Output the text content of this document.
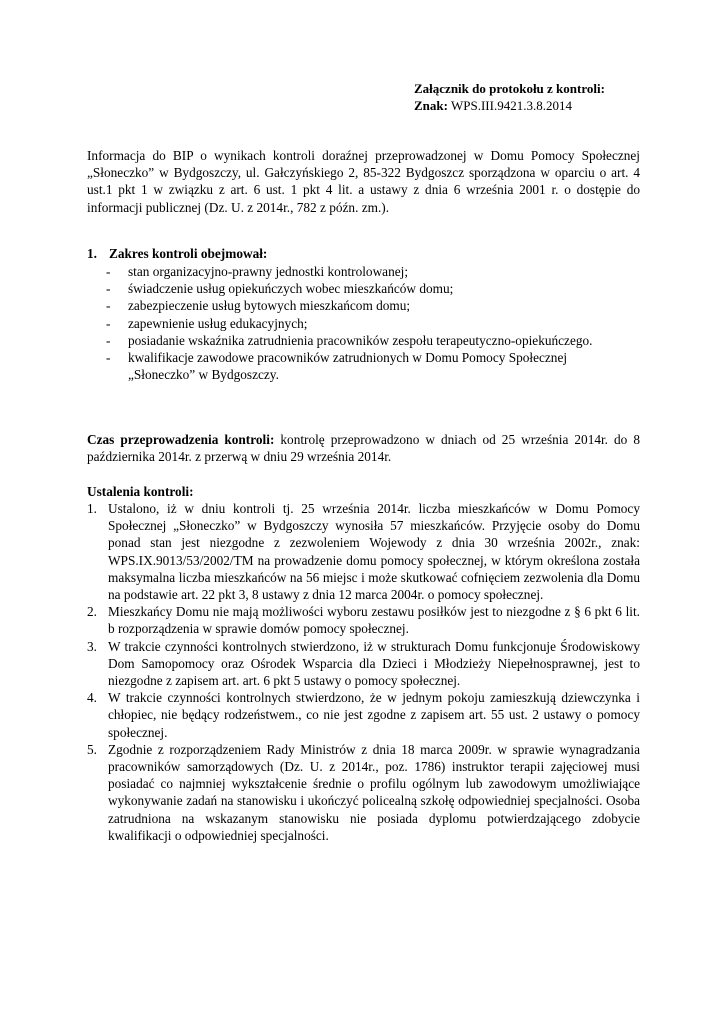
Załącznik do protokołu z kontroli:
Znak: WPS.III.9421.3.8.2014
Informacja do BIP o wynikach kontroli doraźnej przeprowadzonej w Domu Pomocy Społecznej „Słoneczko” w Bydgoszczy, ul. Gałczyńskiego 2, 85-322 Bydgoszcz sporządzona w oparciu o art. 4 ust.1 pkt 1 w związku z art. 6 ust. 1 pkt 4 lit. a ustawy z dnia 6 września 2001 r. o dostępie do informacji publicznej (Dz. U. z 2014r., 782 z późn. zm.).
1. Zakres kontroli obejmował:
- stan organizacyjno-prawny jednostki kontrolowanej;
- świadczenie usług opiekuńczych wobec mieszkańców domu;
- zabezpieczenie usług bytowych mieszkańcom domu;
- zapewnienie usług edukacyjnych;
- posiadanie wskaźnika zatrudnienia pracowników zespołu terapeutyczno-opiekuńczego.
- kwalifikacje zawodowe pracowników zatrudnionych w Domu Pomocy Społecznej „Słoneczko” w Bydgoszczy.
Czas przeprowadzenia kontroli: kontrolę przeprowadzono w dniach od 25 września 2014r. do 8 października 2014r. z przerwą w dniu 29 września 2014r.
Ustalenia kontroli:
1. Ustalono, iż w dniu kontroli tj. 25 września 2014r. liczba mieszkańców w Domu Pomocy Społecznej „Słoneczko” w Bydgoszczy wynosiła 57 mieszkańców. Przyjęcie osoby do Domu ponad stan jest niezgodne z zezwoleniem Wojewody z dnia 30 września 2002r., znak: WPS.IX.9013/53/2002/TM na prowadzenie domu pomocy społecznej, w którym określona została maksymalna liczba mieszkańców na 56 miejsc i może skutkować cofnięciem zezwolenia dla Domu na podstawie art. 22 pkt 3, 8 ustawy z dnia 12 marca 2004r. o pomocy społecznej.
2. Mieszkańcy Domu nie mają możliwości wyboru zestawu posiłków jest to niezgodne z § 6 pkt 6 lit. b rozporządzenia w sprawie domów pomocy społecznej.
3. W trakcie czynności kontrolnych stwierdzono, iż w strukturach Domu funkcjonuje Środowiskowy Dom Samopomocy oraz Ośrodek Wsparcia dla Dzieci i Młodzieży Niepełnosprawnej, jest to niezgodne z zapisem art. art. 6 pkt 5 ustawy o pomocy społecznej.
4. W trakcie czynności kontrolnych stwierdzono, że w jednym pokoju zamieszkują dziewczynka i chłopiec, nie będący rodzeństwem., co nie jest zgodne z zapisem art. 55 ust. 2 ustawy o pomocy społecznej.
5. Zgodnie z rozporządzeniem Rady Ministrów z dnia 18 marca 2009r. w sprawie wynagradzania pracowników samorządowych (Dz. U. z 2014r., poz. 1786) instruktor terapii zajęciowej musi posiadać co najmniej wykształcenie średnie o profilu ogólnym lub zawodowym umożliwiające wykonywanie zadań na stanowisku i ukończyć policealną szkołę odpowiedniej specjalności. Osoba zatrudniona na wskazanym stanowisku nie posiada dyplomu potwierdzającego zdobycie kwalifikacji o odpowiedniej specjalności.
